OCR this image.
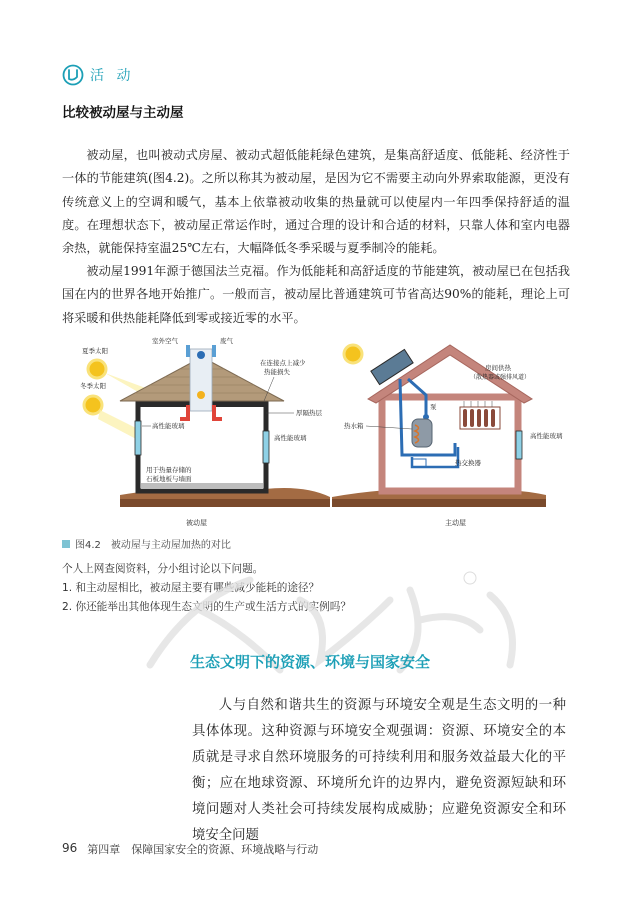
活 动
比较被动屋与主动屋

被动屋，也叫被动式房屋、被动式超低能耗绿色建筑，是集高舒适度、低能耗、经济性于一体的节能建筑(图4.2)。之所以称其为被动屋，是因为它不需要主动向外界索取能源，更没有传统意义上的空调和暖气，基本上依靠被动收集的热量就可以使屋内一年四季保持舒适的温度。在理想状态下，被动屋正常运作时，通过合理的设计和合适的材料，只靠人体和室内电器余热，就能保持室温25℃左右，大幅降低冬季采暖与夏季制冷的能耗。

被动屋1991年源于德国法兰克福。作为低能耗和高舒适度的节能建筑，被动屋已在包括我国在内的世界各地开始推广。一般而言，被动屋比普通建筑可节省高达90%的能耗，理论上可将采暖和供热能耗降低到零或接近零的水平。

夏季太阳
冬季太阳
室外空气	废气
在连接点上减少
热能损失
厚隔热层
高性能玻璃
高性能玻璃
用于热量存储的
石板地板与墙面
被动屋
房间供热
（散热器或强排风道）
泵
热水箱
高性能玻璃
热交换器
主动屋
图4.2　被动屋与主动屋加热的对比
个人上网查阅资料，分小组讨论以下问题。
1. 和主动屋相比，被动屋主要有哪些减少能耗的途径？
2. 你还能举出其他体现生态文明的生产或生活方式的实例吗？
生态文明下的资源、环境与国家安全

人与自然和谐共生的资源与环境安全观是生态文明的一种具体体现。这种资源与环境安全观强调：资源、环境安全的本质就是寻求自然环境服务的可持续利用和服务效益最大化的平衡；应在地球资源、环境所允许的边界内，避免资源短缺和环境问题对人类社会可持续发展构成威胁；应避免资源安全和环境安全问题

96 第四章　保障国家安全的资源、环境战略与行动
